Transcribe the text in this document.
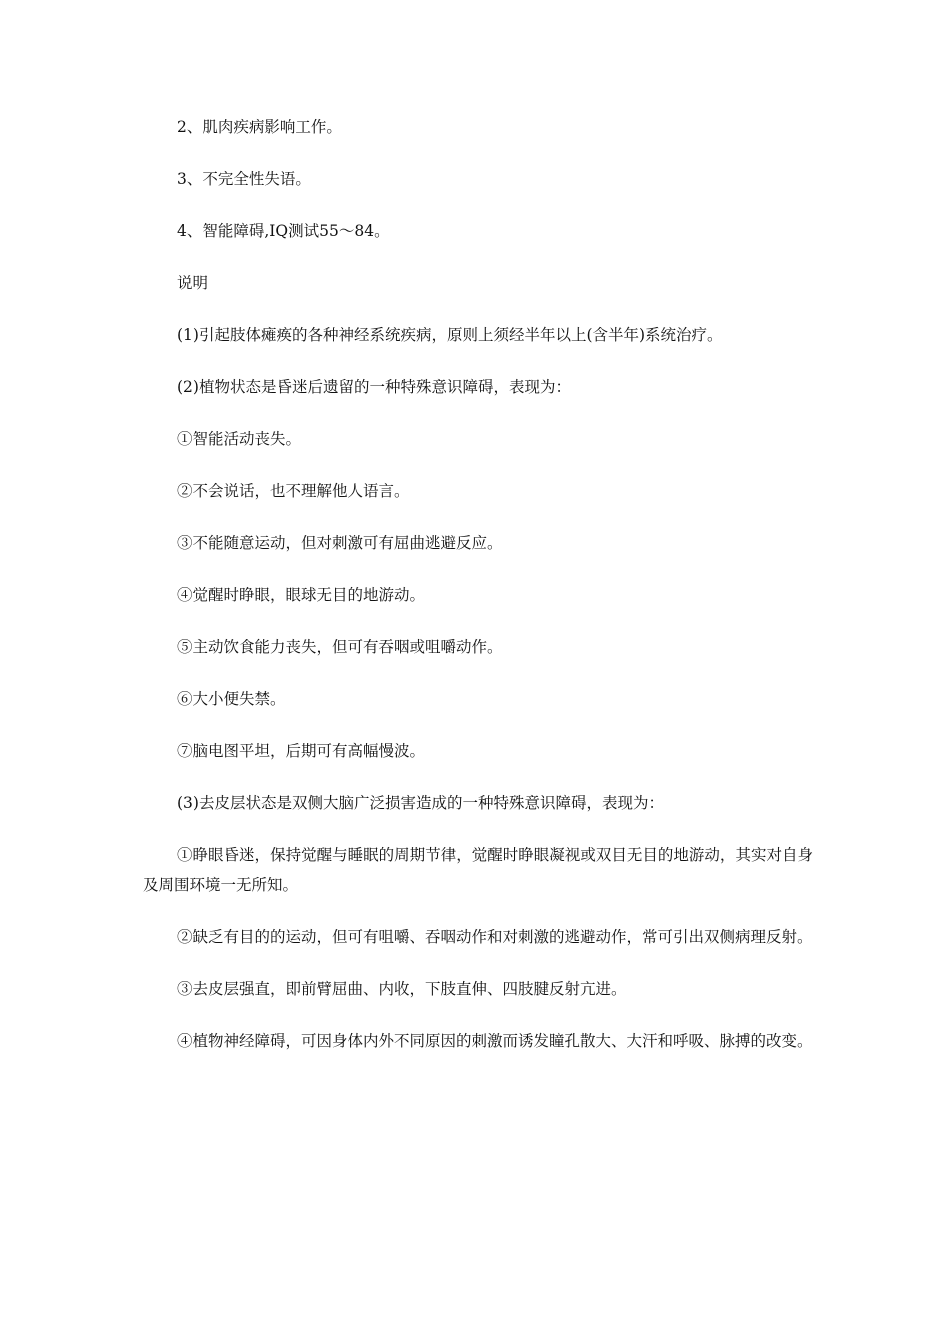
2、肌肉疾病影响工作。

3、不完全性失语。

4、智能障碍,IQ测试55～84。

说明

(1)引起肢体瘫痪的各种神经系统疾病，原则上须经半年以上(含半年)系统治疗。

(2)植物状态是昏迷后遗留的一种特殊意识障碍，表现为：

①智能活动丧失。

②不会说话，也不理解他人语言。

③不能随意运动，但对刺激可有屈曲逃避反应。

④觉醒时睁眼，眼球无目的地游动。

⑤主动饮食能力丧失，但可有吞咽或咀嚼动作。

⑥大小便失禁。

⑦脑电图平坦，后期可有高幅慢波。

(3)去皮层状态是双侧大脑广泛损害造成的一种特殊意识障碍，表现为：

①睁眼昏迷，保持觉醒与睡眠的周期节律，觉醒时睁眼凝视或双目无目的地游动，其实对自身及周围环境一无所知。

②缺乏有目的的运动，但可有咀嚼、吞咽动作和对刺激的逃避动作，常可引出双侧病理反射。

③去皮层强直，即前臂屈曲、内收，下肢直伸、四肢腱反射亢进。

④植物神经障碍，可因身体内外不同原因的刺激而诱发瞳孔散大、大汗和呼吸、脉搏的改变。
